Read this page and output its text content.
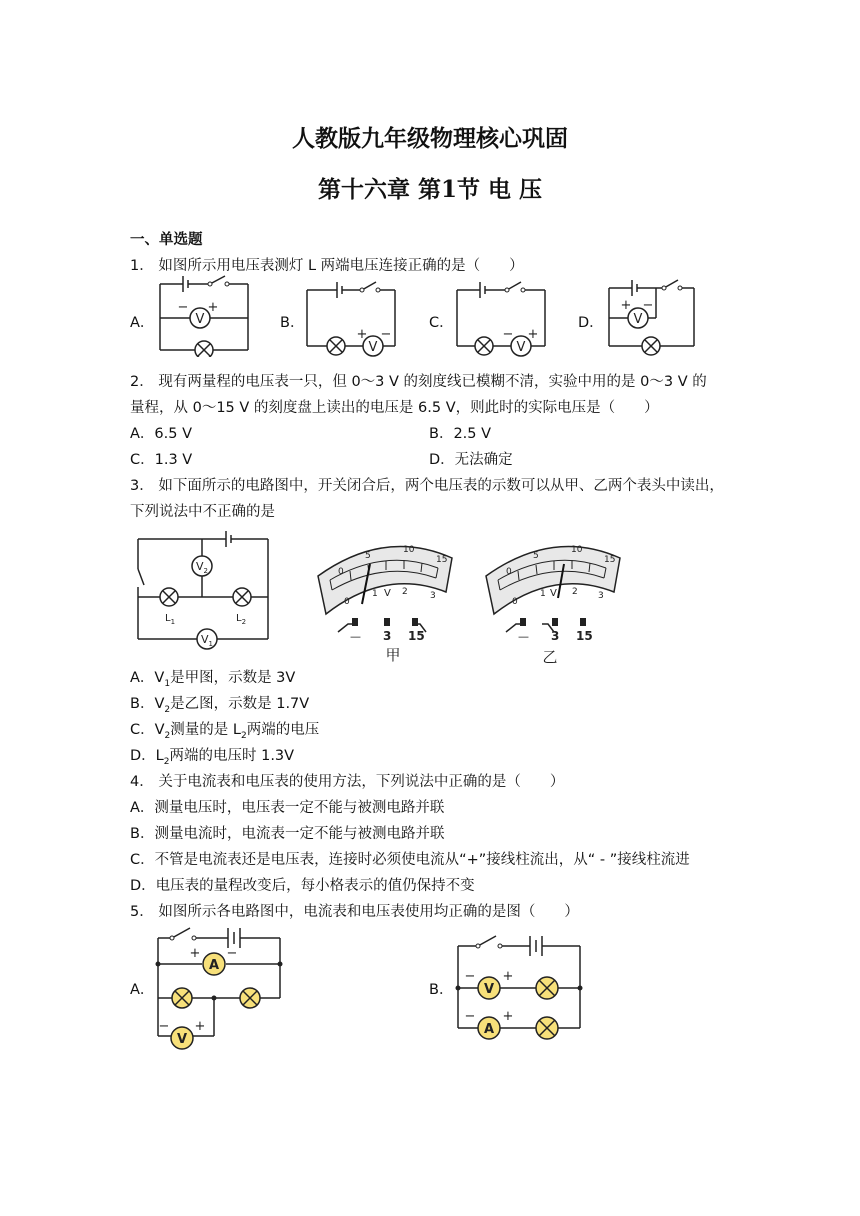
人教版九年级物理核心巩固
第十六章 第1节 电 压
一、单选题
1． 如图所示用电压表测灯 L 两端电压连接正确的是（　　）
A．	B．	C．	D．
V
− +
V
+ −
V
− +
V
+ −
2． 现有两量程的电压表一只，但 0～3 V 的刻度线已模糊不清，实验中用的是 0～3 V 的
量程，从 0～15 V 的刻度盘上读出的电压是 6.5 V，则此时的实际电压是（　　）
A．6.5 V	B．2.5 V
C．1.3 V	D．无法确定
3． 如下面所示的电路图中，开关闭合后，两个电压表的示数可以从甲、乙两个表头中读出，
下列说法中不正确的是
$V_2$
$V_1$
$L_1$	$L_2$
0
5
10
15
0
1 V 2 3
— 3 15
甲
0
5
10
15
0
1 V 2 3
— 3 15
乙
A．$V_1$是甲图，示数是 3V
B．$V_2$是乙图，示数是 1.7V
C．$V_2$测量的是 $L_2$两端的电压
D．$L_2$两端的电压时 1.3V
4． 关于电流表和电压表的使用方法，下列说法中正确的是（　　）
A．测量电压时，电压表一定不能与被测电路并联
B．测量电流时，电流表一定不能与被测电路并联
C．不管是电流表还是电压表，连接时必须使电流从“+”接线柱流出，从“ - ”接线柱流进
D．电压表的量程改变后，每小格表示的值仍保持不变
5． 如图所示各电路图中，电流表和电压表使用均正确的是图（　　）
A．	B．
A
+ −
V
− +
V
− +
A
− +
